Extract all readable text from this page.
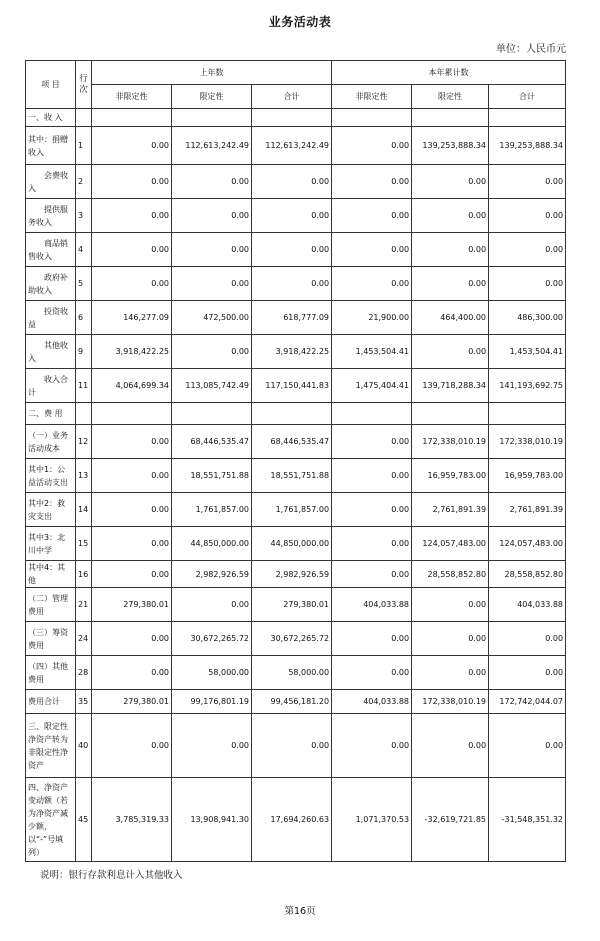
业务活动表
单位：人民币元
项 目	行次	上年数			本年累计数		
		非限定性	限定性	合计	非限定性	限定性	合计
一、收 入							
其中：捐赠收入	1	0.00	112,613,242.49	112,613,242.49	0.00	139,253,888.34	139,253,888.34
　　会费收入	2	0.00	0.00	0.00	0.00	0.00	0.00
　　提供服务收入	3	0.00	0.00	0.00	0.00	0.00	0.00
　　商品销售收入	4	0.00	0.00	0.00	0.00	0.00	0.00
　　政府补助收入	5	0.00	0.00	0.00	0.00	0.00	0.00
　　投资收益	6	146,277.09	472,500.00	618,777.09	21,900.00	464,400.00	486,300.00
　　其他收入	9	3,918,422.25	0.00	3,918,422.25	1,453,504.41	0.00	1,453,504.41
　　收入合计	11	4,064,699.34	113,085,742.49	117,150,441.83	1,475,404.41	139,718,288.34	141,193,692.75
二、费 用							
（一）业务活动成本	12	0.00	68,446,535.47	68,446,535.47	0.00	172,338,010.19	172,338,010.19
其中1：公益活动支出	13	0.00	18,551,751.88	18,551,751.88	0.00	16,959,783.00	16,959,783.00
其中2：救灾支出	14	0.00	1,761,857.00	1,761,857.00	0.00	2,761,891.39	2,761,891.39
其中3：北川中学	15	0.00	44,850,000.00	44,850,000.00	0.00	124,057,483.00	124,057,483.00
其中4：其他	16	0.00	2,982,926.59	2,982,926.59	0.00	28,558,852.80	28,558,852.80
（二）管理费用	21	279,380.01	0.00	279,380.01	404,033.88	0.00	404,033.88
（三）筹资费用	24	0.00	30,672,265.72	30,672,265.72	0.00	0.00	0.00
（四）其他费用	28	0.00	58,000.00	58,000.00	0.00	0.00	0.00
费用合计	35	279,380.01	99,176,801.19	99,456,181.20	404,033.88	172,338,010.19	172,742,044.07
三、限定性净资产转为非限定性净资产	40	0.00	0.00	0.00	0.00	0.00	0.00
四、净资产变动额（若为净资产减少额，以“-”号填列）	45	3,785,319.33	13,908,941.30	17,694,260.63	1,071,370.53	-32,619,721.85	-31,548,351.32
说明：银行存款利息计入其他收入
第16页
